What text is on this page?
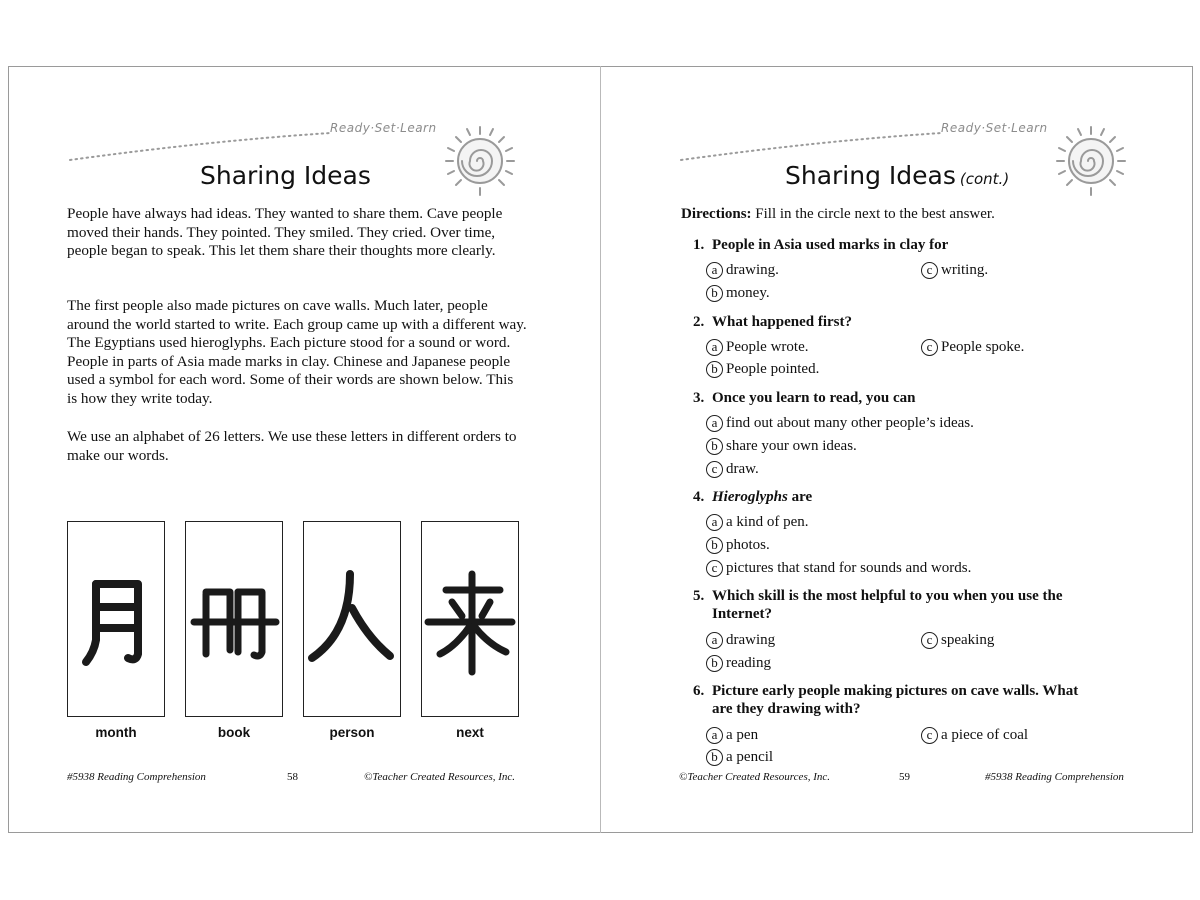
Ready·Set·Learn
Sharing Ideas

People have always had ideas. They wanted to share them. Cave people moved their hands. They pointed. They smiled. They cried. Over time, people began to speak. This let them share their thoughts more clearly.

The first people also made pictures on cave walls. Much later, people around the world started to write. Each group came up with a different way. The Egyptians used hieroglyphs. Each picture stood for a sound or word. People in parts of Asia made marks in clay. Chinese and Japanese people used a symbol for each word. Some of their words are shown below. This is how they write today.

We use an alphabet of 26 letters. We use these letters in different orders to make our words.

month	book	person	next
#5938 Reading Comprehension	58	©Teacher Created Resources, Inc.
Ready·Set·Learn
Sharing Ideas (cont.)
Directions: Fill in the circle next to the best answer.
1. People in Asia used marks in clay for
a drawing.	c writing.
b money.
2. What happened first?
a People wrote.	c People spoke.
b People pointed.
3. Once you learn to read, you can
a find out about many other people’s ideas.
b share your own ideas.
c draw.
4. Hieroglyphs are
a a kind of pen.
b photos.
c pictures that stand for sounds and words.
5. Which skill is the most helpful to you when you use the Internet?
a drawing	c speaking
b reading
6. Picture early people making pictures on cave walls. What are they drawing with?
a a pen	c a piece of coal
b a pencil
©Teacher Created Resources, Inc.	59	#5938 Reading Comprehension
